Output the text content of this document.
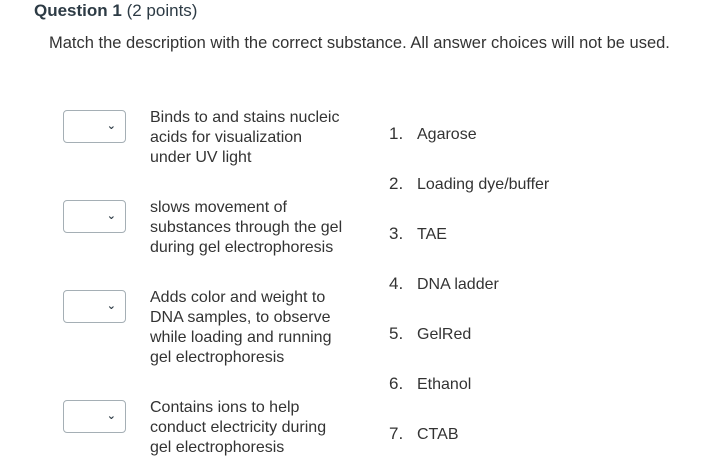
Question 1 (2 points)
Match the description with the correct substance. All answer choices will not be used.
⌄ Binds to and stains nucleic
acids for visualization
under UV light
⌄ slows movement of
substances through the gel
during gel electrophoresis
⌄ Adds color and weight to
DNA samples, to observe
while loading and running
gel electrophoresis
⌄ Contains ions to help
conduct electricity during
gel electrophoresis
1. Agarose
2. Loading dye/buffer
3. TAE
4. DNA ladder
5. GelRed
6. Ethanol
7. CTAB
